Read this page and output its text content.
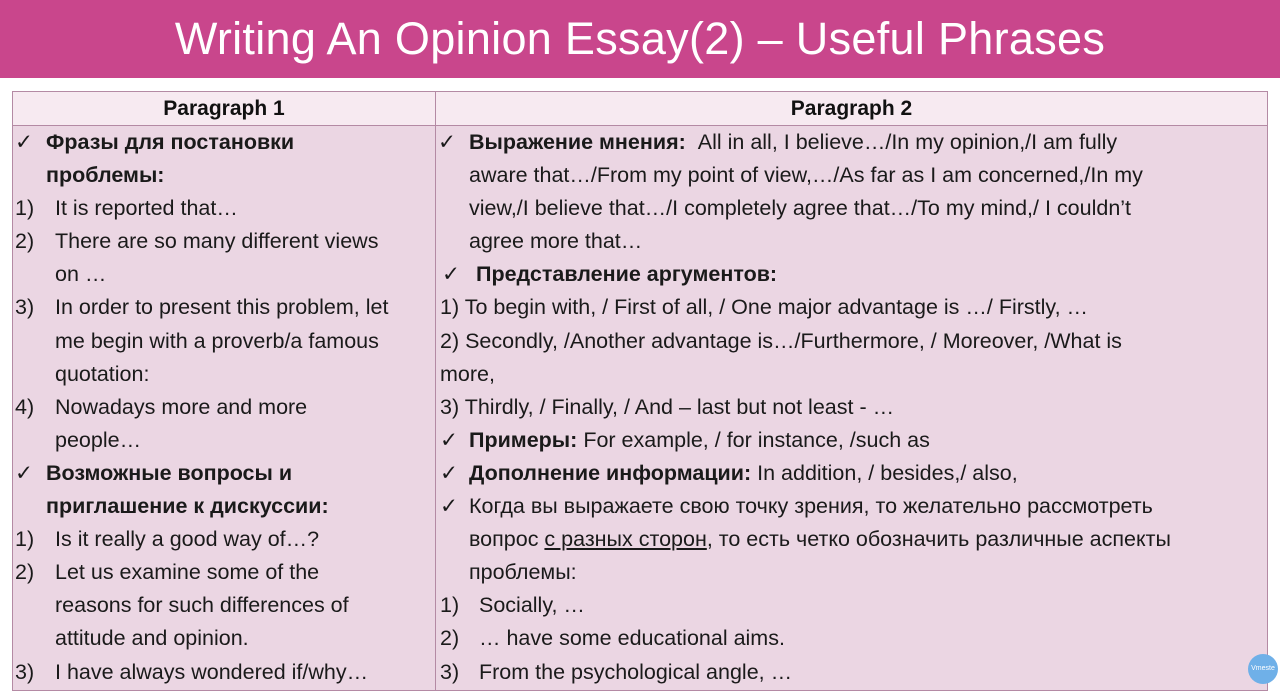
Writing An Opinion Essay(2) – Useful Phrases
Paragraph 1	Paragraph 2
✓ Фразы для постановки
проблемы:
1) It is reported that…
2) There are so many different views
on …
3) In order to present this problem, let
me begin with a proverb/a famous
quotation:
4) Nowadays more and more
people…
✓ Возможные вопросы и
приглашение к дискуссии:
1) Is it really a good way of…?
2) Let us examine some of the
reasons for such differences of
attitude and opinion.
3) I have always wondered if/why…
✓ Выражение мнения: All in all, I believe…/In my opinion,/I am fully
aware that…/From my point of view,…/As far as I am concerned,/In my
view,/I believe that…/I completely agree that…/To my mind,/ I couldn’t
agree more that…
✓ Представление аргументов:
1) To begin with, / First of all, / One major advantage is …/ Firstly, …
2) Secondly, /Another advantage is…/Furthermore, / Moreover, /What is
more,
3) Thirdly, / Finally, / And – last but not least - …
✓ Примеры: For example, / for instance, /such as
✓ Дополнение информации: In addition, / besides,/ also,
✓ Когда вы выражаете свою точку зрения, то желательно рассмотреть
вопрос с разных сторон, то есть четко обозначить различные аспекты
проблемы:
1) Socially, …
2) … have some educational aims.
3) From the psychological angle, …	Vmeste
